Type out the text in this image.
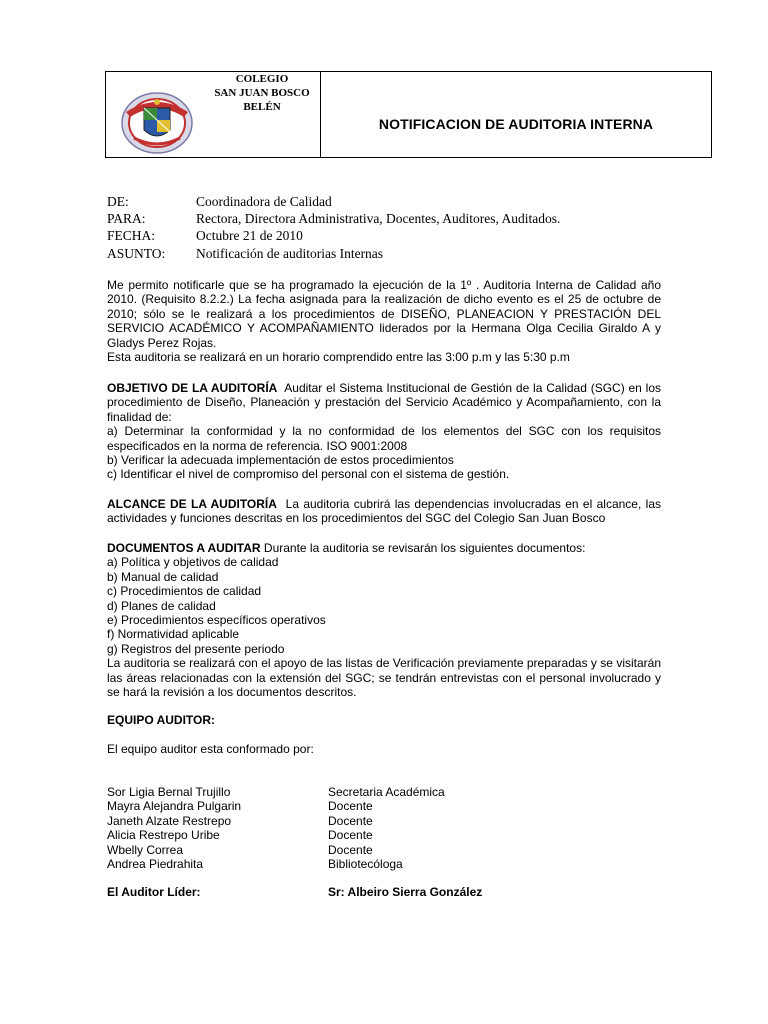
COLEGIO
SAN JUAN BOSCO
BELÉN
NOTIFICACION DE AUDITORIA INTERNA
DE:	Coordinadora de Calidad
PARA:	Rectora, Directora Administrativa, Docentes, Auditores, Auditados.
FECHA:	Octubre 21 de 2010
ASUNTO:	Notificación de auditorias Internas

Me permito notificarle que se ha programado la ejecución de la 1º . Auditoria Interna de Calidad año 2010. (Requisito 8.2.2.) La fecha asignada para la realización de dicho evento es el 25 de octubre de 2010; sólo se le realizará a los procedimientos de DISEÑO, PLANEACION Y PRESTACIÓN DEL SERVICIO ACADÉMICO Y ACOMPAÑAMIENTO liderados por la Hermana Olga Cecilia Giraldo A y Gladys Perez Rojas.

Esta auditoria se realizará en un horario comprendido entre las 3:00 p.m y las 5:30 p.m

OBJETIVO DE LA AUDITORÍA Auditar el Sistema Institucional de Gestión de la Calidad (SGC) en los procedimiento de Diseño, Planeación y prestación del Servicio Académico y Acompañamiento, con la finalidad de:

a) Determinar la conformidad y la no conformidad de los elementos del SGC con los requisitos especificados en la norma de referencia. ISO 9001:2008

b) Verificar la adecuada implementación de estos procedimientos

c) Identificar el nivel de compromiso del personal con el sistema de gestión.

ALCANCE DE LA AUDITORÍA La auditoria cubrirá las dependencias involucradas en el alcance, las actividades y funciones descritas en los procedimientos del SGC del Colegio San Juan Bosco

DOCUMENTOS A AUDITAR Durante la auditoria se revisarán los siguientes documentos:

a) Política y objetivos de calidad

b) Manual de calidad

c) Procedimientos de calidad

d) Planes de calidad

e) Procedimientos específicos operativos

f) Normatividad aplicable

g) Registros del presente periodo

La auditoria se realizará con el apoyo de las listas de Verificación previamente preparadas y se visitarán las áreas relacionadas con la extensión del SGC; se tendrán entrevistas con el personal involucrado y se hará la revisión a los documentos descritos.

EQUIPO AUDITOR:

El equipo auditor esta conformado por:

Sor Ligia Bernal Trujillo	Secretaria Académica
Mayra Alejandra Pulgarin	Docente
Janeth Alzate Restrepo	Docente
Alicia Restrepo Uribe	Docente
Wbelly Correa	Docente
Andrea Piedrahita	Bibliotecóloga
El Auditor Líder:	Sr: Albeiro Sierra González
